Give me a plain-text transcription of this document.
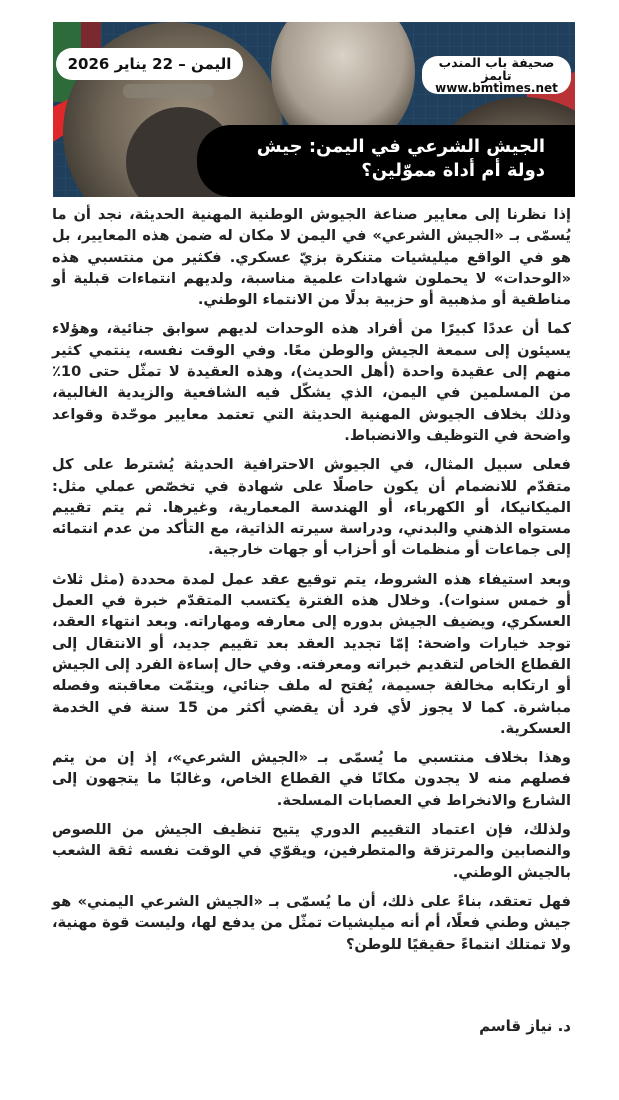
اليمن – 22 يناير 2026	صحيفة باب المندب تايمز
www.bmtimes.net
الجيش الشرعي في اليمن: جيش
دولة أم أداة مموّلين؟

إذا نظرنا إلى معايير صناعة الجيوش الوطنية المهنية الحديثة، نجد أن ما يُسمّى بـ «الجيش الشرعي» في اليمن لا مكان له ضمن هذه المعايير، بل هو في الواقع ميليشيات متنكرة بزيّ عسكري. فكثير من منتسبي هذه «الوحدات» لا يحملون شهادات علمية مناسبة، ولديهم انتماءات قبلية أو مناطقية أو مذهبية أو حزبية بدلًا من الانتماء الوطني.

كما أن عددًا كبيرًا من أفراد هذه الوحدات لديهم سوابق جنائية، وهؤلاء يسيئون إلى سمعة الجيش والوطن معًا. وفي الوقت نفسه، ينتمي كثير منهم إلى عقيدة واحدة (أهل الحديث)، وهذه العقيدة لا تمثّل حتى 10٪ من المسلمين في اليمن، الذي يشكّل فيه الشافعية والزيدية الغالبية، وذلك بخلاف الجيوش المهنية الحديثة التي تعتمد معايير موحّدة وقواعد واضحة في التوظيف والانضباط.

فعلى سبيل المثال، في الجيوش الاحترافية الحديثة يُشترط على كل متقدّم للانضمام أن يكون حاصلًا على شهادة في تخصّص عملي مثل: الميكانيكا، أو الكهرباء، أو الهندسة المعمارية، وغيرها. ثم يتم تقييم مستواه الذهني والبدني، ودراسة سيرته الذاتية، مع التأكد من عدم انتمائه إلى جماعات أو منظمات أو أحزاب أو جهات خارجية.

وبعد استيفاء هذه الشروط، يتم توقيع عقد عمل لمدة محددة (مثل ثلاث أو خمس سنوات). وخلال هذه الفترة يكتسب المتقدّم خبرة في العمل العسكري، ويضيف الجيش بدوره إلى معارفه ومهاراته. وبعد انتهاء العقد، توجد خيارات واضحة: إمّا تجديد العقد بعد تقييم جديد، أو الانتقال إلى القطاع الخاص لتقديم خبراته ومعرفته. وفي حال إساءة الفرد إلى الجيش أو ارتكابه مخالفة جسيمة، يُفتح له ملف جنائي، ويتمّت معاقبته وفصله مباشرة. كما لا يجوز لأي فرد أن يقضي أكثر من 15 سنة في الخدمة العسكرية.

وهذا بخلاف منتسبي ما يُسمّى بـ «الجيش الشرعي»، إذ إن من يتم فصلهم منه لا يجدون مكانًا في القطاع الخاص، وغالبًا ما يتجهون إلى الشارع والانخراط في العصابات المسلحة.

ولذلك، فإن اعتماد التقييم الدوري يتيح تنظيف الجيش من اللصوص والنصابين والمرتزقة والمتطرفين، ويقوّي في الوقت نفسه ثقة الشعب بالجيش الوطني.

فهل تعتقد، بناءً على ذلك، أن ما يُسمّى بـ «الجيش الشرعي اليمني» هو جيش وطني فعلًا، أم أنه ميليشيات تمثّل من يدفع لها، وليست قوة مهنية، ولا تمتلك انتماءً حقيقيًا للوطن؟

د. نياز قاسم
